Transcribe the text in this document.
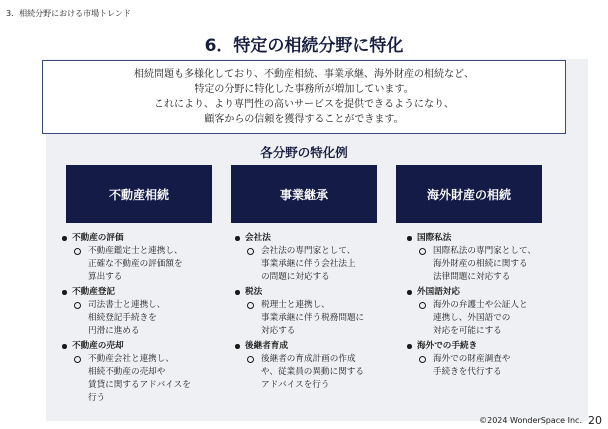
3．相続分野における市場トレンド
6．特定の相続分野に特化
相続問題も多様化しており、不動産相続、事業承継、海外財産の相続など、
特定の分野に特化した事務所が増加しています。
これにより、より専門性の高いサービスを提供できるようになり、
顧客からの信頼を獲得することができます。
各分野の特化例
不動産相続	事業継承	海外財産の相続
不動産の評価
不動産鑑定士と連携し、
正確な不動産の評価額を
算出する
不動産登記
司法書士と連携し、
相続登記手続きを
円滑に進める
不動産の売却
不動産会社と連携し、
相続不動産の売却や
賃貸に関するアドバイスを
行う
会社法
会社法の専門家として、
事業承継に伴う会社法上
の問題に対応する
税法
税理士と連携し、
事業承継に伴う税務問題に
対応する
後継者育成
後継者の育成計画の作成
や、従業員の異動に関する
アドバイスを行う
国際私法
国際私法の専門家として、
海外財産の相続に関する
法律問題に対応する
外国語対応
海外の弁護士や公証人と
連携し、外国語での
対応を可能にする
海外での手続き
海外での財産調査や
手続きを代行する
©2024 WonderSpace Inc. 20
